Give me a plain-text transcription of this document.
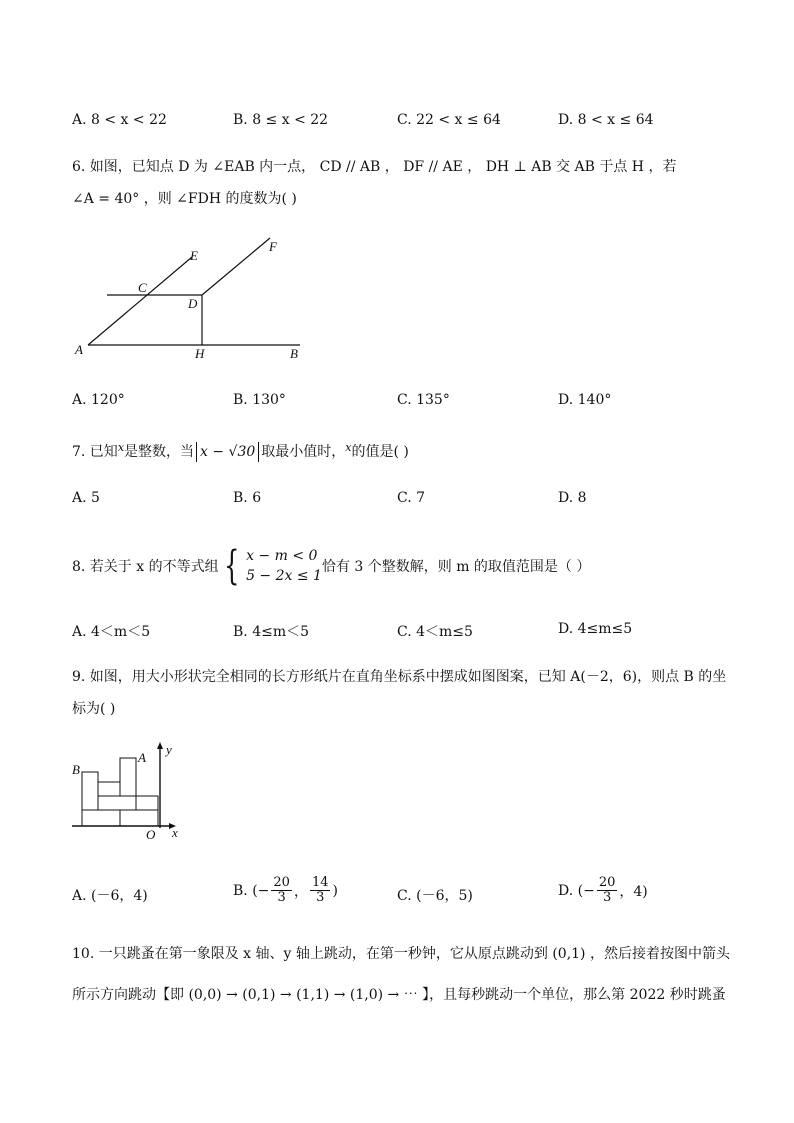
A. 8 < x < 22	B. 8 ≤ x < 22	C. 22 < x ≤ 64	D. 8 < x ≤ 64
6. 如图，已知点 D 为 ∠EAB 内一点， CD // AB ， DF // AE ， DH ⊥ AB 交 AB 于点 H ，若
∠A = 40° ，则 ∠FDH 的度数为( )
E
F
C
D
A	H	B
A. 120°	B. 130°	C. 135°	D. 140°
7. 已知$^x$是整数，当 x − √30 取最小值时，$^x$的值是( )
A. 5	B. 6	C. 7	D. 8
8. 若关于 x 的不等式组 { x − m < 0
5 − 2x ≤ 1
恰有 3 个整数解，则 m 的取值范围是（ ）
A. 4＜m＜5	B. 4≤m＜5	C. 4＜m≤5	D. 4≤m≤5
9. 如图，用大小形状完全相同的长方形纸片在直角坐标系中摆成如图图案，已知 A(－2，6)，则点 B 的坐
标为( )
B
A
y
O x
A. (－6，4)	B. (− $\frac{20}{3}$ ， $\frac{14}{3}$ )	C. (－6，5)	D. (− $\frac{20}{3}$ ，4)
10. 一只跳蚤在第一象限及 x 轴、y 轴上跳动，在第一秒钟，它从原点跳动到 (0,1) ，然后接着按图中箭头
所示方向跳动【即 (0,0) → (0,1) → (1,1) → (1,0) → ⋯ 】，且每秒跳动一个单位，那么第 2022 秒时跳蚤
